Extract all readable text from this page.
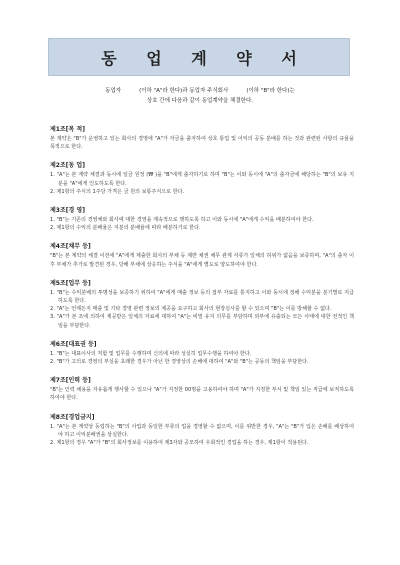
동 업 계 약 서
동업자	(이하 "A"라 한다)과 동업자 주식회사	(이하 "B"라 한다)는
상호 간에 다음과 같이 동업계약을 체결한다.
제1조[목 적]
본 계약은 "B"가 운영하고 있는 회사의 경영에 "A"가 자금을 출자하여 상호 통업 및 이익의 공동 분배를 하는 것과 관련된 사항의 규율을 목적으로 한다.
제2조[동 업]
1. "A"는 본 계약 체결과 동시에 일금 원정 (₩ )을 "B"에게 출자하기로 하며 "B"는 이와 동시에 "A"의 출자금에 해당하는 "B"의 보유 지분을 "A"에게 인도하도록 한다.
2. 제1항의 주식의 1주당 가격은 금 원의 보통주식으로 한다.
제3조[경 영]
1. "B"는 기존의 경영체와 회사에 대한 경영을 계속적으로 행하도록 하고 이와 동시에 "A"에게 수익을 배분하여야 한다.
2. 제1항의 수익의 분배율은 지분의 분배율에 따라 배분하기로 한다.
제4조[채무 등]
"B"는 본 계약의 체결 이전에 "A"에게 제출한 회사의 부채 등 제반 채권 채무 관계 서류가 일체의 허위가 없음을 보증하며, "A"의 출자 이후 부채가 추가로 발견된 경우, 당해 부채에 상응하는 주식을 "A"에게 별도로 양도하여야 한다.
제5조[업무 등]
1. "B"는 수익분배의 투명성을 보증하기 위하여 "A"에게 매출 정보 등의 접부 자료를 통지하고 이와 동시에 정해 수익분을 분기별로 지급하도록 한다.
2. "A"는 언제든지 매출 및 기타 경영 관련 정보의 제공을 요구하고 회사의 현장실사를 할 수 있으며 "B"는 이를 방해할 수 없다.
3. "A"가 본 조에 의하여 제공받은 일체의 자료에 대하여 "A"는 비밀 유지 의무를 부담하며 외부에 유출되는 모든 사태에 대한 전적인 책임을 부담한다.
제6조[대표권 등]
1. "B"는 대표이사의 직함 및 업무를 수행하며 신의에 따라 성실히 업무수행을 하여야 한다.
2. "B"가 고의로 경영의 부실을 초래한 경우가 아닌 한 경영상의 손해에 대하여 "A"와 "B"는 공동의 책임을 부담한다.
제7조[인력 등]
"B"는 인력 채용을 자유롭게 행사할 수 있으나 "A"가 지정한 00명을 고용하여야 하며 "A"가 지정한 부서 및 책임 있는 직급에 보직하도록 하여야 한다.
제8조[경업금지]
1. "A"는 본 계약상 동업하는 "B"의 사업과 동일한 부류의 업을 경영할 수 없으며, 이를 위반한 경우, "A"는 "B"가 입은 손해를 배상하여야 하고 이익분배권을 상실한다.
2. 제1항의 경우 "A"가 "B"의 회사정보를 이용하여 제3자와 공모하여 우회적인 경업을 하는 경우, 제1항이 적용된다.
